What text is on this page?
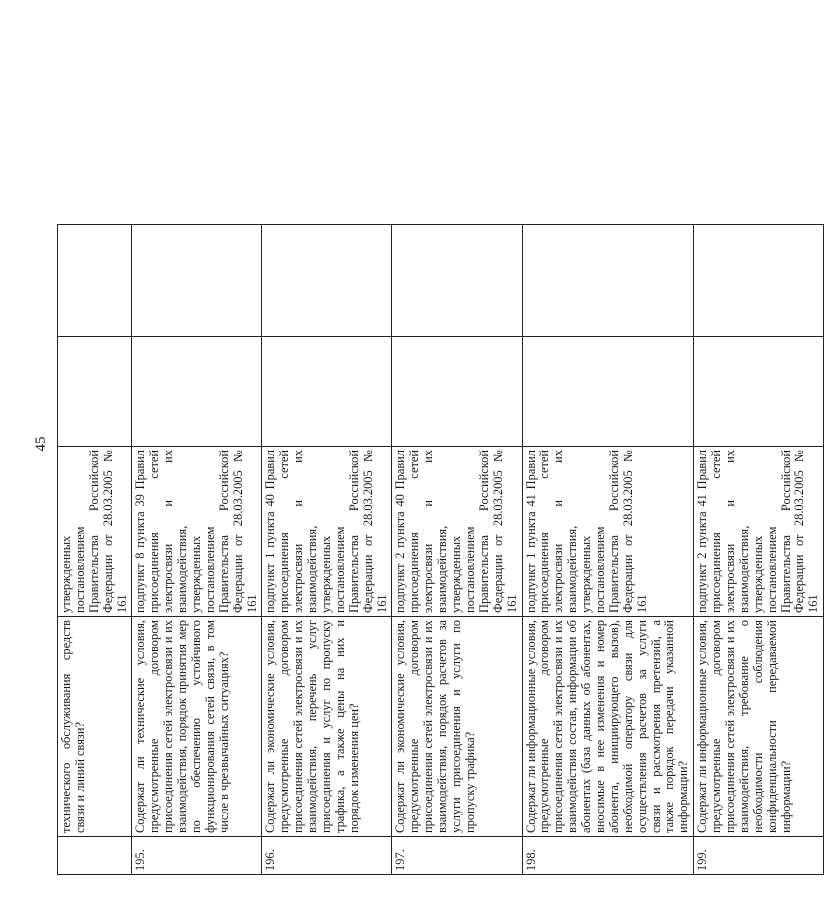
45
	технического обслуживания средств связи и линий связи?	утвержденных постановлением Правительства Российской Федерации от 28.03.2005 № 161		
195.	Содержат ли технические условия, предусмотренные договором присоединения сетей электросвязи и их взаимодействия, порядок принятия мер по обеспечению устойчивого функционирования сетей связи, в том числе в чрезвычайных ситуациях?	подпункт 8 пункта 39 Правил присоединения сетей электросвязи и их взаимодействия, утвержденных постановлением Правительства Российской Федерации от 28.03.2005 № 161		
196.	Содержат ли экономические условия, предусмотренные договором присоединения сетей электросвязи и их взаимодействия, перечень услуг присоединения и услуг по пропуску трафика, а также цены на них и порядок изменения цен?	подпункт 1 пункта 40 Правил присоединения сетей электросвязи и их взаимодействия, утвержденных постановлением Правительства Российской Федерации от 28.03.2005 № 161		
197.	Содержат ли экономические условия, предусмотренные договором присоединения сетей электросвязи и их взаимодействия, порядок расчетов за услуги присоединения и услуги по пропуску трафика?	подпункт 2 пункта 40 Правил присоединения сетей электросвязи и их взаимодействия, утвержденных постановлением Правительства Российской Федерации от 28.03.2005 № 161		
198.	Содержат ли информационные условия, предусмотренные договором присоединения сетей электросвязи и их взаимодействия состав, информации об абонентах (база данных об абонентах, вносимые в нее изменения и номер абонента, инициирующего вызов), необходимой оператору связи для осуществления расчетов за услуги связи и рассмотрения претензий, а также порядок передачи указанной информации?	подпункт 1 пункта 41 Правил присоединения сетей электросвязи и их взаимодействия, утвержденных постановлением Правительства Российской Федерации от 28.03.2005 № 161		
199.	Содержат ли информационные условия, предусмотренные договором присоединения сетей электросвязи и их взаимодействия, требование о необходимости соблюдения конфиденциальности передаваемой информации?	подпункт 2 пункта 41 Правил присоединения сетей электросвязи и их взаимодействия, утвержденных постановлением Правительства Российской Федерации от 28.03.2005 № 161		
